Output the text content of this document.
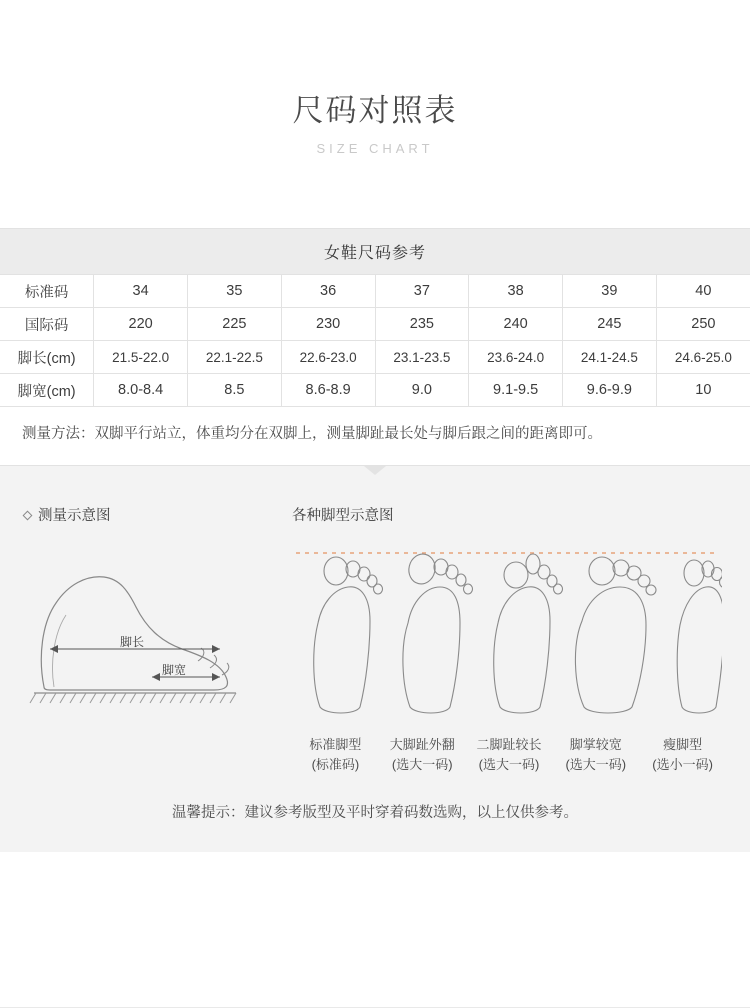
尺码对照表
SIZE CHART
女鞋尺码参考							
标准码	34	35	36	37	38	39	40
国际码	220	225	230	235	240	245	250
脚长(cm)	21.5-22.0	22.1-22.5	22.6-23.0	23.1-23.5	23.6-24.0	24.1-24.5	24.6-25.0
脚宽(cm)	8.0-8.4	8.5	8.6-8.9	9.0	9.1-9.5	9.6-9.9	10
测量方法：双脚平行站立，体重均分在双脚上，测量脚趾最长处与脚后跟之间的距离即可。
测量示意图
脚长
脚宽
各种脚型示意图
标准脚型
(标准码)
大脚趾外翻
(选大一码)
二脚趾较长
(选大一码)
脚掌较宽
(选大一码)
瘦脚型
(选小一码)
温馨提示：建议参考版型及平时穿着码数选购，以上仅供参考。
